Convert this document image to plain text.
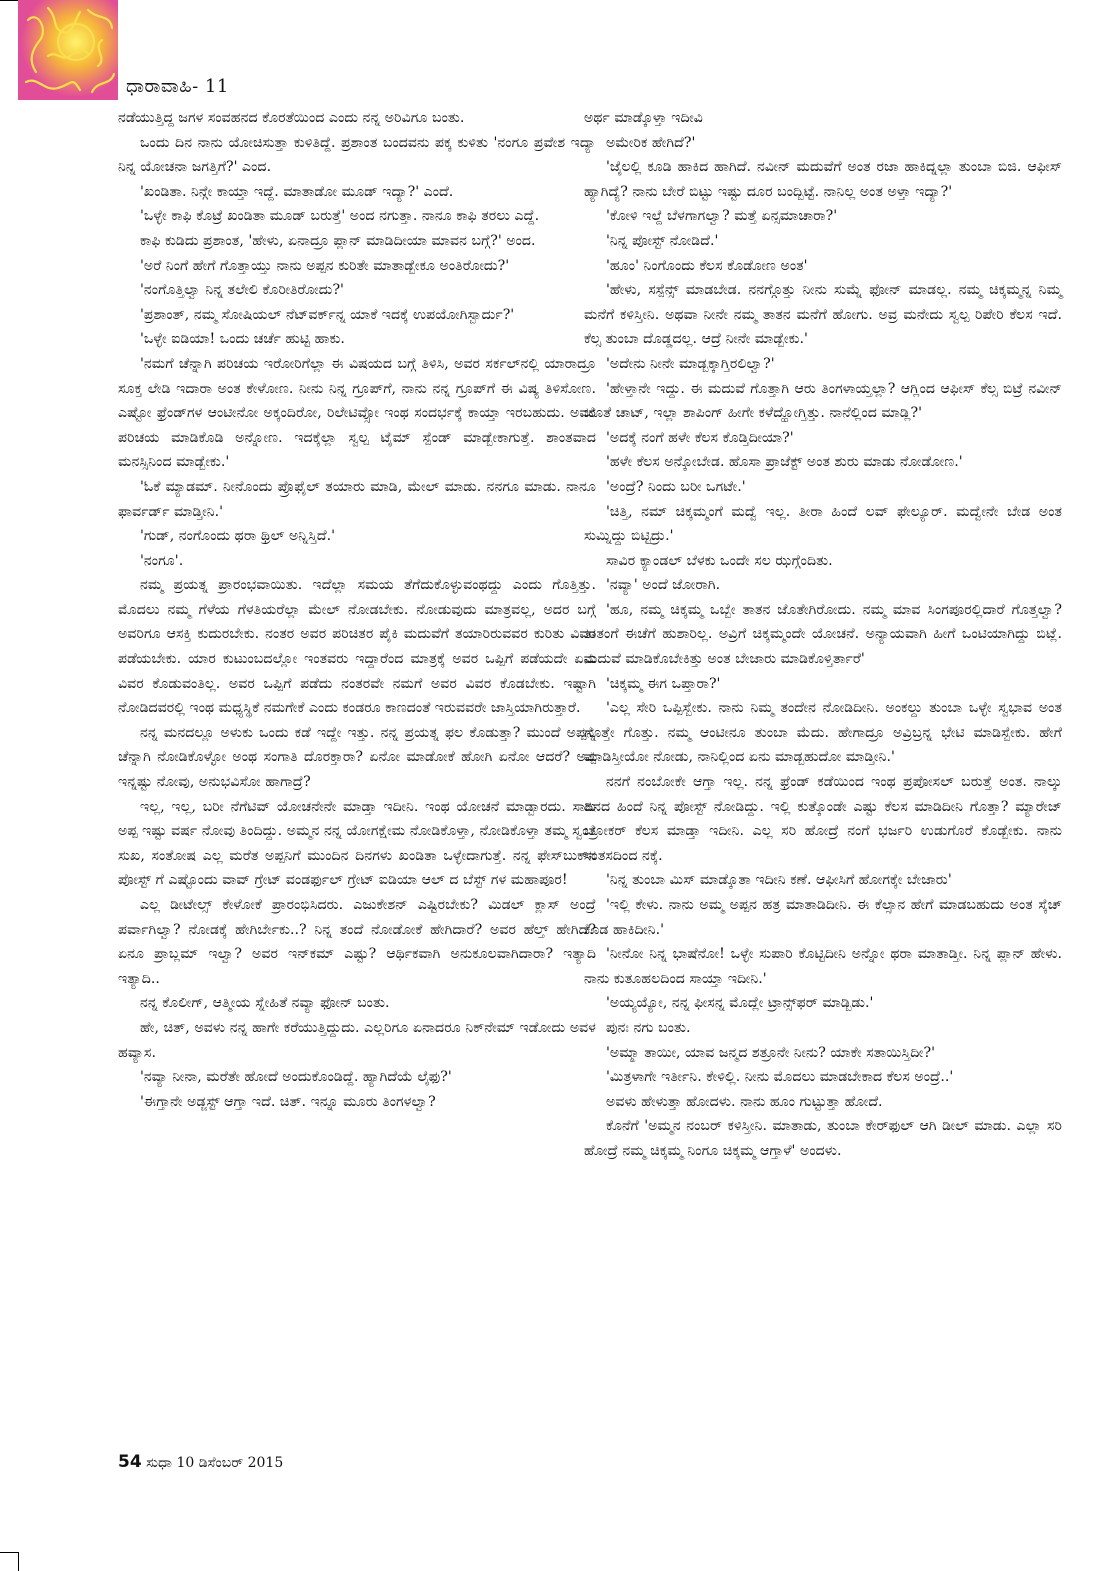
ಧಾರಾವಾಹಿ- 11

ನಡೆಯುತ್ತಿದ್ದ ಜಗಳ ಸಂವಹನದ ಕೊರತೆಯಿಂದ ಎಂದು ನನ್ನ ಅರಿವಿಗೂ ಬಂತು.

ಒಂದು ದಿನ ನಾನು ಯೋಚಿಸುತ್ತಾ ಕುಳಿತಿದ್ದೆ. ಪ್ರಶಾಂತ ಬಂದವನು ಪಕ್ಕ ಕುಳಿತು 'ನಂಗೂ ಪ್ರವೇಶ ಇದ್ಯಾ ನಿನ್ನ ಯೋಚನಾ ಜಗತ್ತಿಗೆ?' ಎಂದ.

'ಖಂಡಿತಾ. ನಿನ್ಗೇ ಕಾಯ್ತಾ ಇದ್ದೆ. ಮಾತಾಡೋ ಮೂಡ್ ಇದ್ಯಾ?' ಎಂದೆ.

'ಒಳ್ಳೇ ಕಾಫಿ ಕೊಟ್ರೆ ಖಂಡಿತಾ ಮೂಡ್ ಬರುತ್ತೆ' ಅಂದ ನಗುತ್ತಾ. ನಾನೂ ಕಾಫಿ ತರಲು ಎದ್ದೆ.

ಕಾಫಿ ಕುಡಿದು ಪ್ರಶಾಂತ, 'ಹೇಳು, ಏನಾದ್ರೂ ಪ್ಲಾನ್ ಮಾಡಿದೀಯಾ ಮಾವನ ಬಗ್ಗೆ?' ಅಂದ.

'ಅರೆ ನಿಂಗೆ ಹೇಗೆ ಗೊತ್ತಾಯ್ತು ನಾನು ಅಪ್ಪನ ಕುರಿತೇ ಮಾತಾಡ್ಬೇಕೂ ಅಂತಿರೋದು?'

'ನಂಗೊತ್ತಿಲ್ವಾ ನಿನ್ನ ತಲೇಲಿ ಕೊರೀತಿರೋದು?'

'ಪ್ರಶಾಂತ್, ನಮ್ಮ ಸೋಷಿಯಲ್ ನೆಟ್‌ವರ್ಕ್‌ನ್ನ ಯಾಕೆ ಇದಕ್ಕೆ ಉಪಯೋಗಿಸ್ಬಾರ್ದು?'

'ಒಳ್ಳೇ ಐಡಿಯಾ! ಒಂದು ಚರ್ಚೆ ಹುಟ್ಟಿ ಹಾಕು.

'ನಮಗೆ ಚೆನ್ನಾಗಿ ಪರಿಚಯ ಇರೋರಿಗೆಲ್ಲಾ ಈ ವಿಷಯದ ಬಗ್ಗೆ ತಿಳಿಸಿ, ಅವರ ಸರ್ಕಲ್‌ನಲ್ಲಿ ಯಾರಾದ್ರೂ ಸೂಕ್ತ ಲೇಡಿ ಇದಾರಾ ಅಂತ ಕೇಳೋಣ. ನೀನು ನಿನ್ನ ಗ್ರೂಪ್‌ಗೆ, ನಾನು ನನ್ನ ಗ್ರೂಪ್‌ಗೆ ಈ ವಿಷ್ಯ ತಿಳಿಸೋಣ. ಎಷ್ಟೋ ಫ್ರೆಂಡ್‌ಗಳ ಆಂಟೀನೋ ಅಕ್ಕಂದಿರೋ, ರಿಲೇಟಿವ್ಸೋ ಇಂಥ ಸಂದರ್ಭಕ್ಕೆ ಕಾಯ್ತಾ ಇರಬಹುದು. ಅವರ ಪರಿಚಯ ಮಾಡಿಕೊಡಿ ಅನ್ನೋಣ. ಇದಕ್ಕೆಲ್ಲಾ ಸ್ವಲ್ಪ ಟೈಮ್ ಸ್ಪೆಂಡ್ ಮಾಡ್ಬೇಕಾಗುತ್ತೆ. ಶಾಂತವಾದ ಮನಸ್ಸಿನಿಂದ ಮಾಡ್ಬೇಕು.'

'ಓಕೆ ಮ್ಯಾಡಮ್. ನೀನೊಂದು ಪ್ರೊಫೈಲ್ ತಯಾರು ಮಾಡಿ, ಮೇಲ್ ಮಾಡು. ನನಗೂ ಮಾಡು. ನಾನೂ ಫಾರ್ವರ್ಡ್ ಮಾಡ್ತೀನಿ.'

'ಗುಡ್, ನಂಗೊಂದು ಥರಾ ಥ್ರಿಲ್ ಅನ್ನಿಸ್ತಿದೆ.'

'ನಂಗೂ'.

ನಮ್ಮ ಪ್ರಯತ್ನ ಪ್ರಾರಂಭವಾಯಿತು. ಇದೆಲ್ಲಾ ಸಮಯ ತೆಗೆದುಕೊಳ್ಳುವಂಥದ್ದು ಎಂದು ಗೊತ್ತಿತ್ತು. ಮೊದಲು ನಮ್ಮ ಗೆಳೆಯ ಗೆಳತಿಯರೆಲ್ಲಾ ಮೇಲ್ ನೋಡಬೇಕು. ನೋಡುವುದು ಮಾತ್ರವಲ್ಲ, ಅದರ ಬಗ್ಗೆ ಅವರಿಗೂ ಆಸಕ್ತಿ ಕುದುರಬೇಕು. ನಂತರ ಅವರ ಪರಿಚಿತರ ಪೈಕಿ ಮದುವೆಗೆ ತಯಾರಿರುವವರ ಕುರಿತು ವಿವರ ಪಡೆಯಬೇಕು. ಯಾರ ಕುಟುಂಬದಲ್ಲೋ ಇಂತವರು ಇದ್ದಾರೆಂದ ಮಾತ್ರಕ್ಕೆ ಅವರ ಒಪ್ಪಿಗೆ ಪಡೆಯದೇ ಏನು ವಿವರ ಕೊಡುವಂತಿಲ್ಲ. ಅವರ ಒಪ್ಪಿಗೆ ಪಡೆದು ನಂತರವೇ ನಮಗೆ ಅವರ ವಿವರ ಕೊಡಬೇಕು. ಇಷ್ಟಾಗಿ ನೋಡಿದವರಲ್ಲಿ ಇಂಥ ಮಧ್ಯಸ್ಥಿಕೆ ನಮಗೇಕೆ ಎಂದು ಕಂಡರೂ ಕಾಣದಂತೆ ಇರುವವರೇ ಜಾಸ್ತಿಯಾಗಿರುತ್ತಾರೆ.

ನನ್ನ ಮನದಲ್ಲೂ ಅಳುಕು ಒಂದು ಕಡೆ ಇದ್ದೇ ಇತ್ತು. ನನ್ನ ಪ್ರಯತ್ನ ಫಲ ಕೊಡುತ್ತಾ? ಮುಂದೆ ಅಪ್ಪನ್ನ ಚೆನ್ನಾಗಿ ನೋಡಿಕೊಳ್ಳೋ ಅಂಥ ಸಂಗಾತಿ ದೊರಕ್ತಾರಾ? ಏನೋ ಮಾಡೋಕೆ ಹೋಗಿ ಏನೋ ಆದರೆ? ಅಪ್ಪ ಇನ್ನಷ್ಟು ನೋವು, ಅನುಭವಿಸೋ ಹಾಗಾದ್ರೆ?

ಇಲ್ಲ, ಇಲ್ಲ, ಬರೀ ನೆಗೆಟಿವ್ ಯೋಚನೇನೇ ಮಾಡ್ತಾ ಇದೀನಿ. ಇಂಥ ಯೋಚನೆ ಮಾಡ್ಬಾರದು. ಸಾಕು ಅಪ್ಪ ಇಷ್ಟು ವರ್ಷ ನೋವು ತಿಂದಿದ್ದು. ಅಮ್ಮನ ನನ್ನ ಯೋಗಕ್ಷೇಮ ನೋಡಿಕೊಳ್ತಾ, ನೋಡಿಕೊಳ್ತಾ ತಮ್ಮ ಸ್ವಂತ ಸುಖ, ಸಂತೋಷ ಎಲ್ಲ ಮರೆತ ಅಪ್ಪನಿಗೆ ಮುಂದಿನ ದಿನಗಳು ಖಂಡಿತಾ ಒಳ್ಳೇದಾಗುತ್ತೆ. ನನ್ನ ಫೇಸ್‌ಬುಕ್‌ನ ಪೋಸ್ಟ್ ಗೆ ಎಷ್ಟೊಂದು ವಾವ್ ಗ್ರೇಟ್ ವಂಡರ್ಫುಲ್ ಗ್ರೇಟ್ ಐಡಿಯಾ ಆಲ್ ದ ಬೆಸ್ಟ್ ಗಳ ಮಹಾಪೂರ!

ಎಲ್ಲ ಡೀಟೇಲ್ಸ್ ಕೇಳೋಕೆ ಪ್ರಾರಂಭಿಸಿದರು. ಎಜುಕೇಶನ್ ಎಷ್ಟಿರಬೇಕು? ಮಿಡಲ್ ಕ್ಲಾಸ್ ಅಂದ್ರೆ ಪರ್ವಾಗಿಲ್ವಾ? ನೋಡಕ್ಕೆ ಹೇಗಿರ್ಬೇಕು..? ನಿನ್ನ ತಂದೆ ನೋಡೋಕೆ ಹೇಗಿದಾರೆ? ಅವರ ಹೆಲ್ತ್ ಹೇಗಿದೆ? ಏನೂ ಪ್ರಾಬ್ಲಮ್ ಇಲ್ವಾ? ಅವರ ಇನ್‌ಕಮ್ ಎಷ್ಟು? ಆರ್ಥಿಕವಾಗಿ ಅನುಕೂಲವಾಗಿದಾರಾ? ಇತ್ಯಾದಿ ಇತ್ಯಾದಿ..

ನನ್ನ ಕೊಲೀಗ್, ಆತ್ಮೀಯ ಸ್ನೇಹಿತೆ ನವ್ಯಾ ಫೋನ್ ಬಂತು.

ಹೇ, ಚಿತ್, ಅವಳು ನನ್ನ ಹಾಗೇ ಕರೆಯುತ್ತಿದ್ದುದು. ಎಲ್ಲರಿಗೂ ಏನಾದರೂ ನಿಕ್‌ನೇಮ್ ಇಡೋದು ಅವಳ ಹವ್ಯಾಸ.

'ನವ್ಯಾ ನೀನಾ, ಮರೆತೇ ಹೋದೆ ಅಂದುಕೊಂಡಿದ್ದೆ. ಹ್ಯಾಗಿದೆಯೆ ಲೈಫು?'

'ಈಗ್ತಾನೇ ಅಡ್ಜಸ್ಟ್ ಆಗ್ತಾ ಇದೆ. ಚಿತ್. ಇನ್ನೂ ಮೂರು ತಿಂಗಳಲ್ವಾ?

ಅರ್ಥ ಮಾಡ್ಕೊಳ್ತಾ ಇದೀವಿ

ಅಮೇರಿಕ ಹೇಗಿದೆ?'

'ಜೈಲಲ್ಲಿ ಕೂಡಿ ಹಾಕಿದ ಹಾಗಿದೆ. ನವೀನ್ ಮದುವೆಗೆ ಅಂತ ರಜಾ ಹಾಕಿದ್ನಲ್ಲಾ ತುಂಬಾ ಬಿಜಿ. ಆಫೀಸ್ ಹ್ಯಾಗಿದ್ಯೆ? ನಾನು ಬೇರೆ ಬಿಟ್ಟು ಇಷ್ಟು ದೂರ ಬಂದ್ಬಿಟ್ಟೆ. ನಾನಿಲ್ಲ ಅಂತ ಅಳ್ತಾ ಇದ್ಯಾ?'

'ಕೋಳಿ ಇಲ್ದೆ ಬೆಳಗಾಗಲ್ವಾ? ಮತ್ತೆ ಏನ್ಸಮಾಚಾರಾ?'

'ನಿನ್ನ ಪೋಸ್ಟ್ ನೋಡಿದೆ.'

'ಹೂಂ' ನಿಂಗೊಂದು ಕೆಲಸ ಕೊಡೋಣ ಅಂತ'

'ಹೇಳು, ಸಸ್ಪೆನ್ಸ್ ಮಾಡಬೇಡ. ನನಗ್ಗೊತ್ತು ನೀನು ಸುಮ್ನೆ ಫೋನ್ ಮಾಡಲ್ಲ. ನಮ್ಮ ಚಿಕ್ಕಮ್ಮನ್ನ ನಿಮ್ಮ ಮನೆಗೆ ಕಳಿಸ್ತೀನಿ. ಅಥವಾ ನೀನೇ ನಮ್ಮ ತಾತನ ಮನೆಗೆ ಹೋಗು. ಅವ್ರ ಮನೇದು ಸ್ವಲ್ಪ ರಿಪೇರಿ ಕೆಲಸ ಇದೆ. ಕೆಲ್ಸ ತುಂಬಾ ದೊಡ್ಡದಲ್ಲ. ಆದ್ರೆ ನೀನೇ ಮಾಡ್ಬೇಕು.'

'ಅದೇನು ನೀನೇ ಮಾಡ್ಬಕ್ಕಾಗ್ತಿರಲಿಲ್ವಾ?'

'ಹೇಳ್ತಾನೇ ಇದ್ದು. ಈ ಮದುವೆ ಗೊತ್ತಾಗಿ ಆರು ತಿಂಗಳಾಯ್ತಲ್ಲಾ? ಆಗ್ಲಿಂದ ಆಫೀಸ್ ಕೆಲ್ಸ ಬಿಟ್ರೆ ನವೀನ್ ಜೊತೆ ಚಾಟ್, ಇಲ್ಲಾ ಶಾಪಿಂಗ್ ಹೀಗೇ ಕಳೆದ್ಹೋಗ್ತಿತ್ತು. ನಾನೆಲ್ಲಿಂದ ಮಾಡ್ಲಿ?'

'ಅದಕ್ಕೆ ನಂಗೆ ಹಳೇ ಕೆಲಸ ಕೊಡ್ತಿದೀಯಾ?'

'ಹಳೇ ಕೆಲಸ ಅನ್ಕೋಬೇಡ. ಹೊಸಾ ಪ್ರಾಜೆಕ್ಟ್ ಅಂತ ಶುರು ಮಾಡು ನೋಡೋಣ.'

'ಅಂದ್ರೆ? ನಿಂದು ಬರೀ ಒಗಟೇ.'

'ಚಿತ್ತಿ, ನಮ್ ಚಿಕ್ಕಮ್ಮಂಗೆ ಮದ್ವೆ ಇಲ್ಲ. ತೀರಾ ಹಿಂದೆ ಲವ್ ಫೇಲ್ಯೂರ್. ಮದ್ವೇನೇ ಬೇಡ ಅಂತ ಸುಮ್ನಿದ್ದು ಬಿಟ್ಟಿದ್ರು.'

ಸಾವಿರ ಕ್ಯಾಂಡಲ್ ಬೆಳಕು ಒಂದೇ ಸಲ ಝಗ್ಗೆಂದಿತು.

'ನವ್ಯಾ' ಅಂದೆ ಜೋರಾಗಿ.

'ಹೂ, ನಮ್ಮ ಚಿಕ್ಕಮ್ಮ ಒಬ್ಬೇ ತಾತನ ಜೊತೇಗಿರೋದು. ನಮ್ಮ ಮಾವ ಸಿಂಗಪೂರಲ್ಲಿದಾರೆ ಗೊತ್ತಲ್ವಾ? ತಾತಂಗೆ ಈಚೆಗೆ ಹುಶಾರಿಲ್ಲ. ಅವ್ರಿಗೆ ಚಿಕ್ಕಮ್ಮಂದೇ ಯೋಚನೆ. ಅನ್ಯಾಯವಾಗಿ ಹೀಗೆ ಒಂಟಿಯಾಗಿದ್ದು ಬಿಟ್ಲೆ. ಮದುವೆ ಮಾಡಿಕೊಬೇಕಿತ್ತು ಅಂತ ಬೇಜಾರು ಮಾಡಿಕೊಳ್ತಿರ್ತಾರೆ'

'ಚಿಕ್ಕಮ್ಮ ಈಗ ಒಪ್ತಾರಾ?'

'ಎಲ್ಲ ಸೇರಿ ಒಪ್ಪಿಸ್ಬೇಕು. ನಾನು ನಿಮ್ಮ ತಂದೇನ ನೋಡಿದೀನಿ. ಅಂಕಲ್ದು ತುಂಬಾ ಒಳ್ಳೇ ಸ್ವಭಾವ ಅಂತ ಗೊತ್ತೇ ಗೊತ್ತು. ನಮ್ಮ ಆಂಟೀನೂ ತುಂಬಾ ಮೆದು. ಹೇಗಾದ್ರೂ ಅವ್ರಿಬ್ರನ್ನ ಭೇಟಿ ಮಾಡಿಸ್ಬೇಕು. ಹೇಗೆ ಮಾಡಿಸ್ತೀಯೋ ನೋಡು, ನಾನಿಲ್ಲಿಂದ ಏನು ಮಾಡ್ಬಹುದೋ ಮಾಡ್ತೀನಿ.'

ನನಗೆ ನಂಬೋಕೇ ಆಗ್ತಾ ಇಲ್ಲ. ನನ್ನ ಫ್ರೆಂಡ್ ಕಡೆಯಿಂದ ಇಂಥ ಪ್ರಪೋಸಲ್ ಬರುತ್ತೆ ಅಂತ. ನಾಲ್ಕು ದಿನದ ಹಿಂದೆ ನಿನ್ನ ಪೋಸ್ಟ್ ನೋಡಿದ್ದು. ಇಲ್ಲಿ ಕುತ್ಕೊಂಡೇ ಎಷ್ಟು ಕೆಲಸ ಮಾಡಿದೀನಿ ಗೊತ್ತಾ? ಮ್ಯಾರೇಜ್ ಬ್ರೋಕರ್ ಕೆಲಸ ಮಾಡ್ತಾ ಇದೀನಿ. ಎಲ್ಲ ಸರಿ ಹೋದ್ರೆ ನಂಗೆ ಭರ್ಜರಿ ಉಡುಗೊರೆ ಕೊಡ್ಬೇಕು. ನಾನು ಸಂತಸದಿಂದ ನಕ್ಕೆ.

'ನಿನ್ನ ತುಂಬಾ ಮಿಸ್ ಮಾಡ್ಕೊತಾ ಇದೀನಿ ಕಣೆ. ಆಫೀಸಿಗೆ ಹೋಗಕ್ಕೇ ಬೇಜಾರು'

'ಇಲ್ಲಿ ಕೇಳು. ನಾನು ಅಮ್ಮ ಅಪ್ಪನ ಹತ್ರ ಮಾತಾಡಿದೀನಿ. ಈ ಕೆಲ್ಸಾನ ಹೇಗೆ ಮಾಡಬಹುದು ಅಂತ ಸ್ಕೆಚ್ ಕೂಡ ಹಾಕಿದೀನಿ.'

'ನೀನೋ ನಿನ್ನ ಭಾಷೆನೋ! ಒಳ್ಳೇ ಸುಪಾರಿ ಕೊಟ್ಟಿದೀನಿ ಅನ್ನೋ ಥರಾ ಮಾತಾಡ್ತೀ. ನಿನ್ನ ಪ್ಲಾನ್ ಹೇಳು. ನಾನು ಕುತೂಹಲದಿಂದ ಸಾಯ್ತಾ ಇದೀನಿ.'

'ಅಯ್ಯಯ್ಯೋ, ನನ್ನ ಫೀಸನ್ನ ಮೊದ್ಲೇ ಟ್ರಾನ್ಸ್‌ಫರ್ ಮಾಡ್ಬಿಡು.'

ಪುನಃ ನಗು ಬಂತು.

'ಅಮ್ಮಾ ತಾಯೀ, ಯಾವ ಜನ್ಮದ ಶತ್ರೂನೇ ನೀನು? ಯಾಕೇ ಸತಾಯಿಸ್ತಿದೀ?'

'ಮಿತ್ರಳಾಗೇ ಇರ್ತೀನಿ. ಕೇಳಿಲ್ಲಿ. ನೀನು ಮೊದಲು ಮಾಡಬೇಕಾದ ಕೆಲಸ ಅಂದ್ರೆ..'

ಅವಳು ಹೇಳುತ್ತಾ ಹೋದಳು. ನಾನು ಹೂಂ ಗುಟ್ಟುತ್ತಾ ಹೋದೆ.

ಕೊನೆಗೆ 'ಅಮ್ಮನ ನಂಬರ್ ಕಳಿಸ್ತೀನಿ. ಮಾತಾಡು, ತುಂಬಾ ಕೇರ್‌ಫುಲ್ ಆಗಿ ಡೀಲ್ ಮಾಡು. ಎಲ್ಲಾ ಸರಿ ಹೋದ್ರೆ ನಮ್ಮ ಚಿಕ್ಕಮ್ಮ ನಿಂಗೂ ಚಿಕ್ಕಮ್ಮ ಆಗ್ತಾಳೆ' ಅಂದಳು.

54 ಸುಧಾ 10 ಡಿಸೆಂಬರ್ 2015
